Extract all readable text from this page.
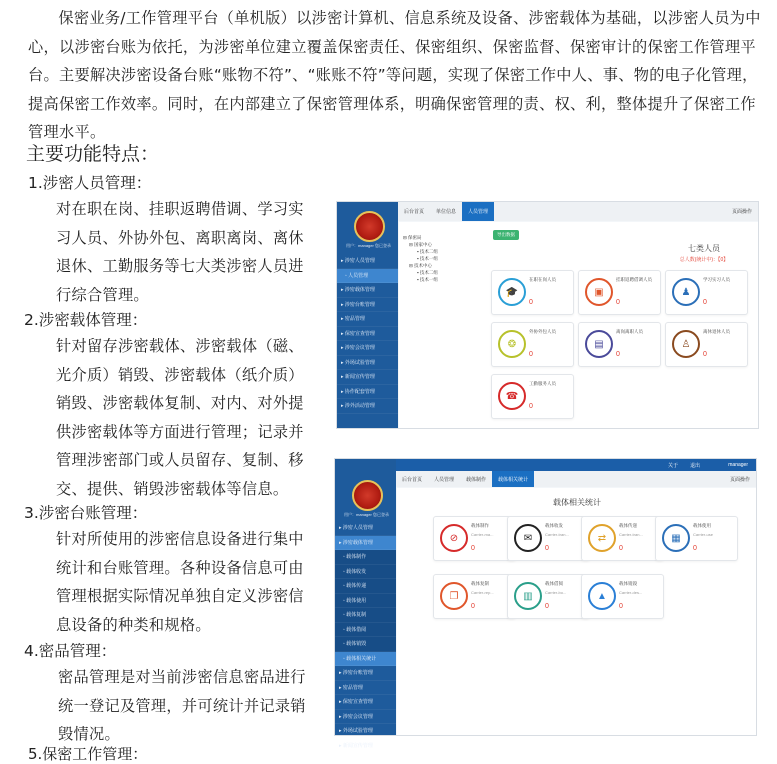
保密业务/工作管理平台（单机版）以涉密计算机、信息系统及设备、涉密载体为基础，以涉密人员为中心，以涉密台账为依托，为涉密单位建立覆盖保密责任、保密组织、保密监督、保密审计的保密工作管理平台。主要解决涉密设备台账“账物不符”、“账账不符”等问题，实现了保密工作中人、事、物的电子化管理，提高保密工作效率。同时，在内部建立了保密管理体系，明确保密管理的责、权、利，整体提升了保密工作管理水平。
主要功能特点：
1.涉密人员管理：
对在职在岗、挂职返聘借调、学习实习人员、外协外包、离职离岗、离休退休、工勤服务等七大类涉密人员进行综合管理。
2.涉密载体管理：
针对留存涉密载体、涉密载体（磁、光介质）销毁、涉密载体（纸介质）销毁、涉密载体复制、对内、对外提供涉密载体等方面进行管理；记录并管理涉密部门或人员留存、复制、移交、提供、销毁涉密载体等信息。
3.涉密台账管理：
针对所使用的涉密信息设备进行集中统计和台账管理。各种设备信息可由管理根据实际情况单独自定义涉密信息设备的种类和规格。
4.密品管理：
密品管理是对当前涉密信息密品进行统一登记及管理，并可统计并记录销毁情况。
5.保密工作管理：
用户：manager 您已登录
▸ 涉密人员管理
◦ 人员管理
▸ 涉密载体管理
▸ 涉密台账管理
▸ 密品管理
▸ 保密宣查管理
▸ 涉密会议管理
▸ 外场试验管理
▸ 新闻宣传管理
▸ 协作配套管理
▸ 涉外活动管理
后台首页	单位信息	人员管理	页面操作
导出数据
⊟ 保密局
⊟ 国家中心
▪ 技术二组
▪ 技术一组
⊟ 技术中心
▪ 技术二组
▪ 技术一组
七类人员
总人数(统计中)：【0】
🎓
在职在岗人员
0
▣
挂职返聘借调人员
0
♟
学习实习人员
0
❂
外协外包人员
0
▤
离岗离职人员
0
♙
离休退休人员
0
☎
工勤服务人员
0
用户：manager 您已登录
▸ 涉密人员管理
▸ 涉密载体管理
◦ 载体制作
◦ 载体收发
◦ 载体传递
◦ 载体使用
◦ 载体复制
◦ 载体借阅
◦ 载体销毁
◦ 载体相关统计
▸ 涉密台账管理
▸ 密品管理
▸ 保密宣查管理
▸ 涉密会议管理
▸ 外场试验管理
▸ 新闻宣传管理
关于 退出	manager
后台首页	人员管理	载体制作	载体相关统计	页面操作
载体相关统计
⊘
载体制作
Carrier-ma...
0
✉
载体收发
Carrier-tran...
0
⇄
载体传递
Carrier-tran...
0
▦
载体使用
Carrier-use
0
❐
载体复制
Carrier-rep...
0
▥
载体借阅
Carrier-bo...
0
▲
载体销毁
Carrier-des...
0
